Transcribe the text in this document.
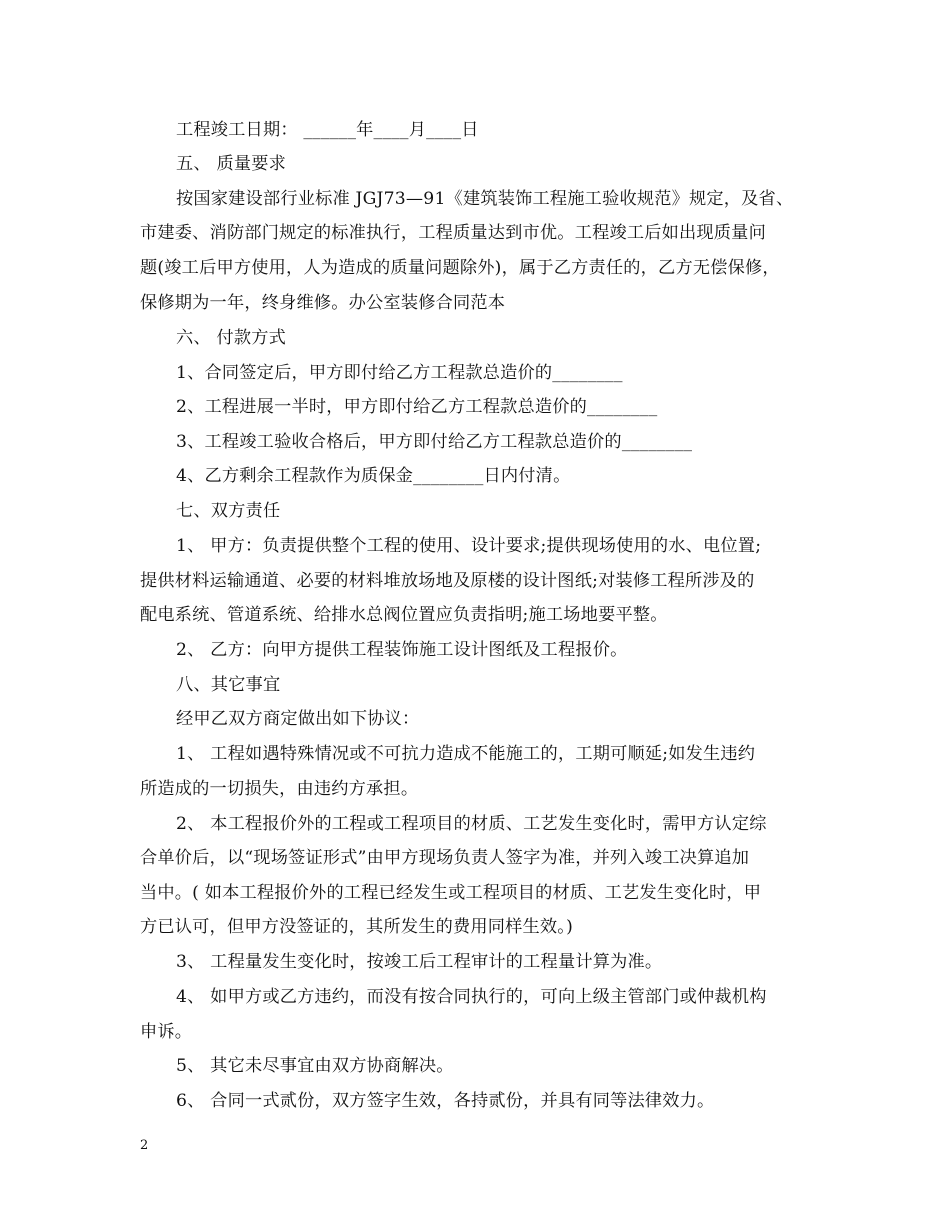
工程竣工日期： ______年____月____日
五、 质量要求
按国家建设部行业标准 JGJ73—91《建筑装饰工程施工验收规范》规定，及省、
市建委、消防部门规定的标准执行，工程质量达到市优。工程竣工后如出现质量问
题(竣工后甲方使用，人为造成的质量问题除外)，属于乙方责任的，乙方无偿保修，
保修期为一年，终身维修。办公室装修合同范本
六、 付款方式
1、合同签定后，甲方即付给乙方工程款总造价的________
2、工程进展一半时，甲方即付给乙方工程款总造价的________
3、工程竣工验收合格后，甲方即付给乙方工程款总造价的________
4、乙方剩余工程款作为质保金________日内付清。
七、双方责任
1、 甲方：负责提供整个工程的使用、设计要求;提供现场使用的水、电位置;
提供材料运输通道、必要的材料堆放场地及原楼的设计图纸;对装修工程所涉及的
配电系统、管道系统、给排水总阀位置应负责指明;施工场地要平整。
2、 乙方：向甲方提供工程装饰施工设计图纸及工程报价。
八、其它事宜
经甲乙双方商定做出如下协议：
1、 工程如遇特殊情况或不可抗力造成不能施工的，工期可顺延;如发生违约
所造成的一切损失，由违约方承担。
2、 本工程报价外的工程或工程项目的材质、工艺发生变化时，需甲方认定综
合单价后，以“现场签证形式”由甲方现场负责人签字为准，并列入竣工决算追加
当中。( 如本工程报价外的工程已经发生或工程项目的材质、工艺发生变化时，甲
方已认可，但甲方没签证的，其所发生的费用同样生效。)
3、 工程量发生变化时，按竣工后工程审计的工程量计算为准。
4、 如甲方或乙方违约，而没有按合同执行的，可向上级主管部门或仲裁机构
申诉。
5、 其它未尽事宜由双方协商解决。
6、 合同一式贰份，双方签字生效，各持贰份，并具有同等法律效力。
2
